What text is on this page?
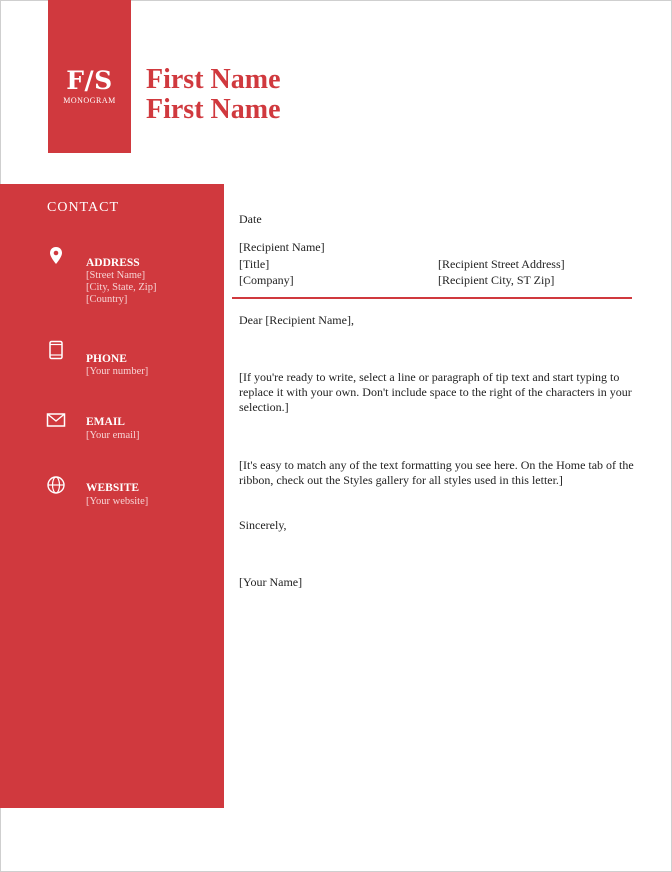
F/S
MONOGRAM
First Name
First Name
CONTACT
ADDRESS
[Street Name]
[City, State, Zip]
[Country]
PHONE
[Your number]
EMAIL
[Your email]
WEBSITE
[Your website]
Date
[Recipient Name]
[Title]
[Company]
[Recipient Street Address]
[Recipient City, ST Zip]
Dear [Recipient Name],
[If you're ready to write, select a line or paragraph of tip text and start typing to replace it with your own. Don't include space to the right of the characters in your selection.]
[It's easy to match any of the text formatting you see here. On the Home tab of the ribbon, check out the Styles gallery for all styles used in this letter.]
Sincerely,
[Your Name]
